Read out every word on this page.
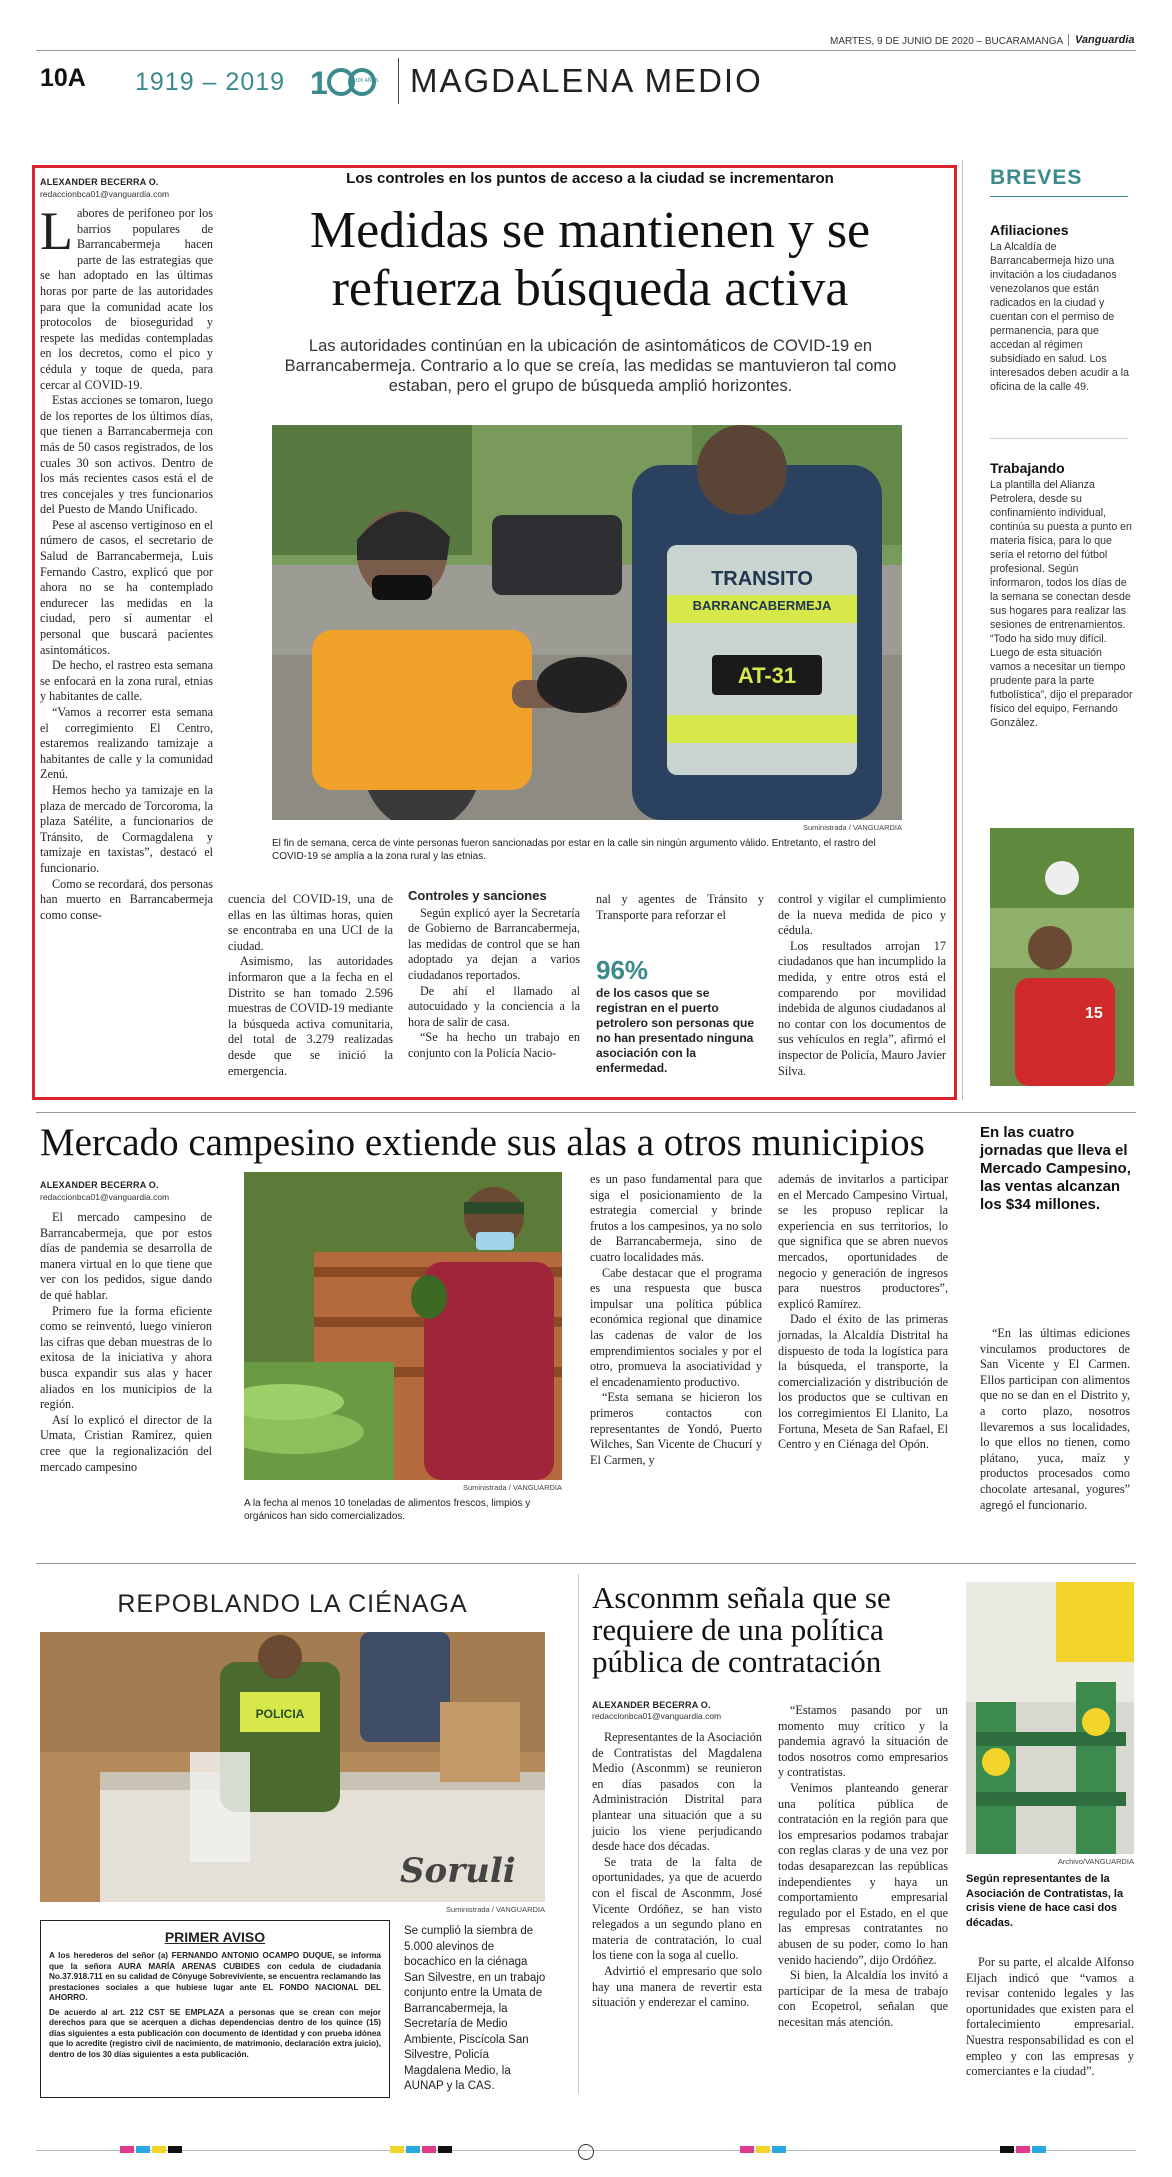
MARTES, 9 DE JUNIO DE 2020 – BUCARAMANGA	Vanguardia
10A 1919 – 2019 1	100 AÑOS MAGDALENA MEDIO
ALEXANDER BECERRA O.
redaccionbca01@vanguardia.com
Los controles en los puntos de acceso a la ciudad se incrementaron
Medidas se mantienen y se
refuerza búsqueda activa
Las autoridades continúan en la ubicación de asintomáticos de COVID-19 en Barrancabermeja. Contrario a lo que se creía, las medidas se mantuvieron tal como estaban, pero el grupo de búsqueda amplió horizontes.

Labores de perifoneo por los barrios populares de Barrancabermeja hacen parte de las estrategias que se han adoptado en las últimas horas por parte de las autoridades para que la comunidad acate los protocolos de bioseguridad y respete las medidas contempladas en los decretos, como el pico y cédula y toque de queda, para cercar al COVID-19.

Estas acciones se tomaron, luego de los reportes de los últimos días, que tienen a Barrancabermeja con más de 50 casos registrados, de los cuales 30 son activos. Dentro de los más recientes casos está el de tres concejales y tres funcionarios del Puesto de Mando Unificado.

Pese al ascenso vertiginoso en el número de casos, el secretario de Salud de Barrancabermeja, Luis Fernando Castro, explicó que por ahora no se ha contemplado endurecer las medidas en la ciudad, pero sí aumentar el personal que buscará pacientes asintomáticos.

De hecho, el rastreo esta semana se enfocará en la zona rural, etnias y habitantes de calle.

“Vamos a recorrer esta semana el corregimiento El Centro, estaremos realizando tamizaje a habitantes de calle y la comunidad Zenú.

Hemos hecho ya tamizaje en la plaza de mercado de Torcoroma, la plaza Satélite, a funcionarios de Tránsito, de Cormagdalena y tamizaje en taxistas”, destacó el funcionario.

Como se recordará, dos personas han muerto en Barrancabermeja como conse-

TRANSITO
BARRANCABERMEJA
AT-31
Suministrada / VANGUARDIA
El fin de semana, cerca de vinte personas fueron sancionadas por estar en la calle sin ningún argumento válido. Entretanto, el rastro del COVID-19 se amplía a la zona rural y las etnias.

cuencia del COVID-19, una de ellas en las últimas horas, quien se encontraba en una UCI de la ciudad.

Asimismo, las autoridades informaron que a la fecha en el Distrito se han tomado 2.596 muestras de COVID-19 mediante la búsqueda activa comunitaria, del total de 3.279 realizadas desde que se inició la emergencia.

Controles y sanciones

Según explicó ayer la Secretaría de Gobierno de Barrancabermeja, las medidas de control que se han adoptado ya dejan a varios ciudadanos reportados.

De ahí el llamado al autocuidado y la conciencia a la hora de salir de casa.

“Se ha hecho un trabajo en conjunto con la Policía Nacio-

nal y agentes de Tránsito y Transporte para reforzar el

96%
de los casos que se registran en el puerto petrolero son personas que no han presentado ninguna asociación con la enfermedad.

control y vigilar el cumplimiento de la nueva medida de pico y cédula.

Los resultados arrojan 17 ciudadanos que han incumplido la medida, y entre otros está el comparendo por movilidad indebida de algunos ciudadanos al no contar con los documentos de sus vehículos en regla”, afirmó el inspector de Policía, Mauro Javier Silva.

BREVES
Afiliaciones
La Alcaldía de Barrancabermeja hizo una invitación a los ciudadanos venezolanos que están radicados en la ciudad y cuentan con el permiso de permanencia, para que accedan al régimen subsidiado en salud. Los interesados deben acudir a la oficina de la calle 49.
Trabajando
La plantilla del Alianza Petrolera, desde su confinamiento individual, continúa su puesta a punto en materia física, para lo que sería el retorno del fútbol profesional. Según informaron, todos los días de la semana se conectan desde sus hogares para realizar las sesiones de entrenamientos. “Todo ha sido muy difícil. Luego de esta situación vamos a necesitar un tiempo prudente para la parte futbolística”, dijo el preparador físico del equipo, Fernando González.
15
Mercado campesino extiende sus alas a otros municipios
ALEXANDER BECERRA O.
redaccionbca01@vanguardia.com

El mercado campesino de Barrancabermeja, que por estos días de pandemia se desarrolla de manera virtual en lo que tiene que ver con los pedidos, sigue dando de qué hablar.

Primero fue la forma eficiente como se reinventó, luego vinieron las cifras que deban muestras de lo exitosa de la iniciativa y ahora busca expandir sus alas y hacer aliados en los municipios de la región.

Así lo explicó el director de la Umata, Cristian Ramírez, quien cree que la regionalización del mercado campesino

Suministrada / VANGUARDIA
A la fecha al menos 10 toneladas de alimentos frescos, limpios y orgánicos han sido comercializados.

es un paso fundamental para que siga el posicionamiento de la estrategia comercial y brinde frutos a los campesinos, ya no solo de Barrancabermeja, sino de cuatro localidades más.

Cabe destacar que el programa es una respuesta que busca impulsar una política pública económica regional que dinamice las cadenas de valor de los emprendimientos sociales y por el otro, promueva la asociatividad y el encadenamiento productivo.

“Esta semana se hicieron los primeros contactos con representantes de Yondó, Puerto Wilches, San Vicente de Chucurí y El Carmen, y

además de invitarlos a participar en el Mercado Campesino Virtual, se les propuso replicar la experiencia en sus territorios, lo que significa que se abren nuevos mercados, oportunidades de negocio y generación de ingresos para nuestros productores”, explicó Ramírez.

Dado el éxito de las primeras jornadas, la Alcaldía Distrital ha dispuesto de toda la logística para la búsqueda, el transporte, la comercialización y distribución de los productos que se cultivan en los corregimientos El Llanito, La Fortuna, Meseta de San Rafael, El Centro y en Ciénaga del Opón.

En las cuatro jornadas que lleva el Mercado Campesino, las ventas alcanzan los $34 millones.

“En las últimas ediciones vinculamos productores de San Vicente y El Carmen. Ellos participan con alimentos que no se dan en el Distrito y, a corto plazo, nosotros llevaremos a sus localidades, lo que ellos no tienen, como plátano, yuca, maíz y productos procesados como chocolate artesanal, yogures” agregó el funcionario.

REPOBLANDO LA CIÉNAGA
POLICIA
Soruli
Suministrada / VANGUARDIA
Se cumplió la siembra de 5.000 alevinos de bocachico en la ciénaga San Silvestre, en un trabajo conjunto entre la Umata de Barrancabermeja, la Secretaría de Medio Ambiente, Piscícola San Silvestre, Policía Magdalena Medio, la AUNAP y la CAS.
PRIMER AVISO
A los herederos del señor (a) FERNANDO ANTONIO OCAMPO DUQUE, se informa que la señora AURA MARÍA ARENAS CUBIDES con cedula de ciudadanía No.37.918.711 en su calidad de Cónyuge Sobreviviente, se encuentra reclamando las prestaciones sociales a que hubiese lugar ante EL FONDO NACIONAL DEL AHORRO.
De acuerdo al art. 212 CST SE EMPLAZA a personas que se crean con mejor derechos para que se acerquen a dichas dependencias dentro de los quince (15) días siguientes a esta publicación con documento de identidad y con prueba idónea que lo acredite (registro civil de nacimiento, de matrimonio, declaración extra juicio), dentro de los 30 días siguientes a esta publicación.
Asconmm señala que se requiere de una política pública de contratación
ALEXANDER BECERRA O.
redaccionbca01@vanguardia.com

Representantes de la Asociación de Contratistas del Magdalena Medio (Asconmm) se reunieron en días pasados con la Administración Distrital para plantear una situación que a su juicio los viene perjudicando desde hace dos décadas.

Se trata de la falta de oportunidades, ya que de acuerdo con el fiscal de Asconmm, José Vicente Ordóñez, se han visto relegados a un segundo plano en materia de contratación, lo cual los tiene con la soga al cuello.

Advirtió el empresario que solo hay una manera de revertir esta situación y enderezar el camino.

“Estamos pasando por un momento muy crítico y la pandemia agravó la situación de todos nosotros como empresarios y contratistas.

Venimos planteando generar una política pública de contratación en la región para que los empresarios podamos trabajar con reglas claras y de una vez por todas desaparezcan las repúblicas independientes y haya un comportamiento empresarial regulado por el Estado, en el que las empresas contratantes no abusen de su poder, como lo han venido haciendo”, dijo Ordóñez.

Si bien, la Alcaldía los invitó a participar de la mesa de trabajo con Ecopetrol, señalan que necesitan más atención.

Archivo/VANGUARDIA
Según representantes de la Asociación de Contratistas, la crisis viene de hace casi dos décadas.

Por su parte, el alcalde Alfonso Eljach indicó que “vamos a revisar contenido legales y las oportunidades que existen para el fortalecimiento empresarial. Nuestra responsabilidad es con el empleo y con las empresas y comerciantes e la ciudad”.
